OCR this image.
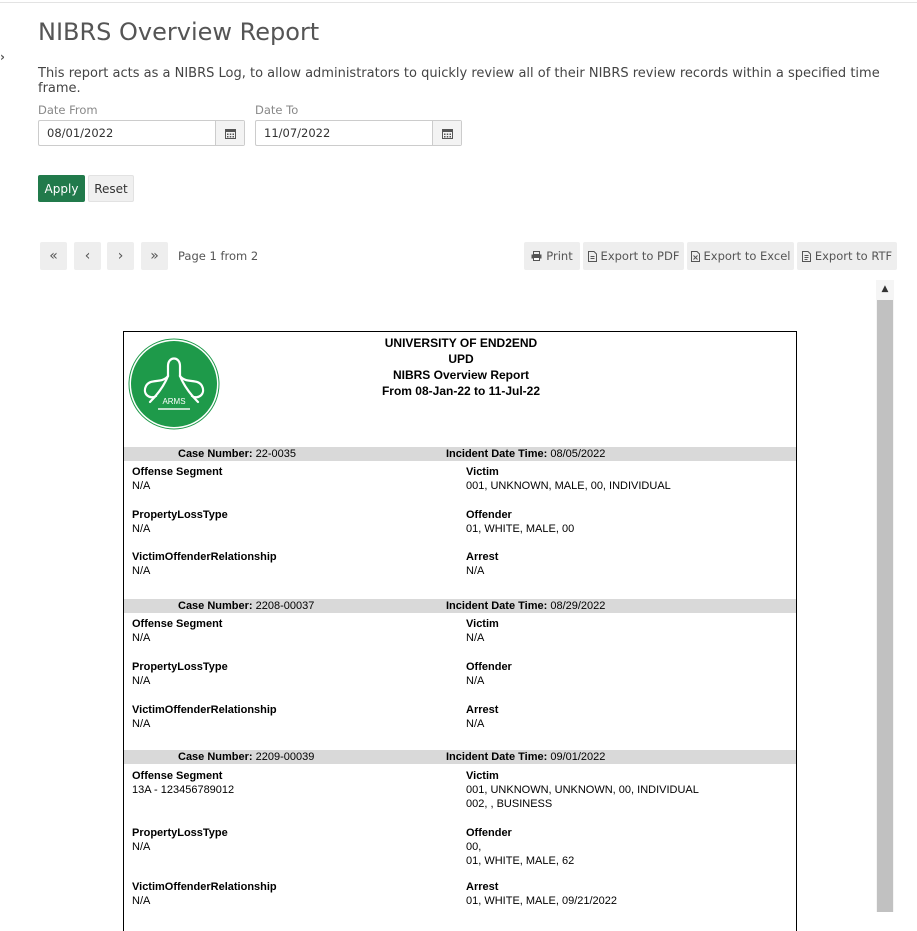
›
NIBRS Overview Report
This report acts as a NIBRS Log, to allow administrators to quickly review all of their NIBRS review records within a specified time frame.
Date From
08/01/2022	Date To
11/07/2022
Apply	Reset
« ‹ › » Page 1 from 2	Print Export to PDF Export to Excel Export to RTF
▲
ARMS
UNIVERSITY OF END2END
UPD
NIBRS Overview Report
From 08-Jan-22 to 11-Jul-22
Case Number: 22-0035	Incident Date Time: 08/05/2022
Offense Segment
N/A
Victim
001, UNKNOWN, MALE, 00, INDIVIDUAL
PropertyLossType
N/A
Offender
01, WHITE, MALE, 00
VictimOffenderRelationship
N/A
Arrest
N/A
Case Number: 2208-00037	Incident Date Time: 08/29/2022
Offense Segment
N/A
Victim
N/A
PropertyLossType
N/A
Offender
N/A
VictimOffenderRelationship
N/A
Arrest
N/A
Case Number: 2209-00039	Incident Date Time: 09/01/2022
Offense Segment
13A - 123456789012
Victim
001, UNKNOWN, UNKNOWN, 00, INDIVIDUAL
002, , BUSINESS
PropertyLossType
N/A
Offender
00,
01, WHITE, MALE, 62
VictimOffenderRelationship
N/A
Arrest
01, WHITE, MALE, 09/21/2022
